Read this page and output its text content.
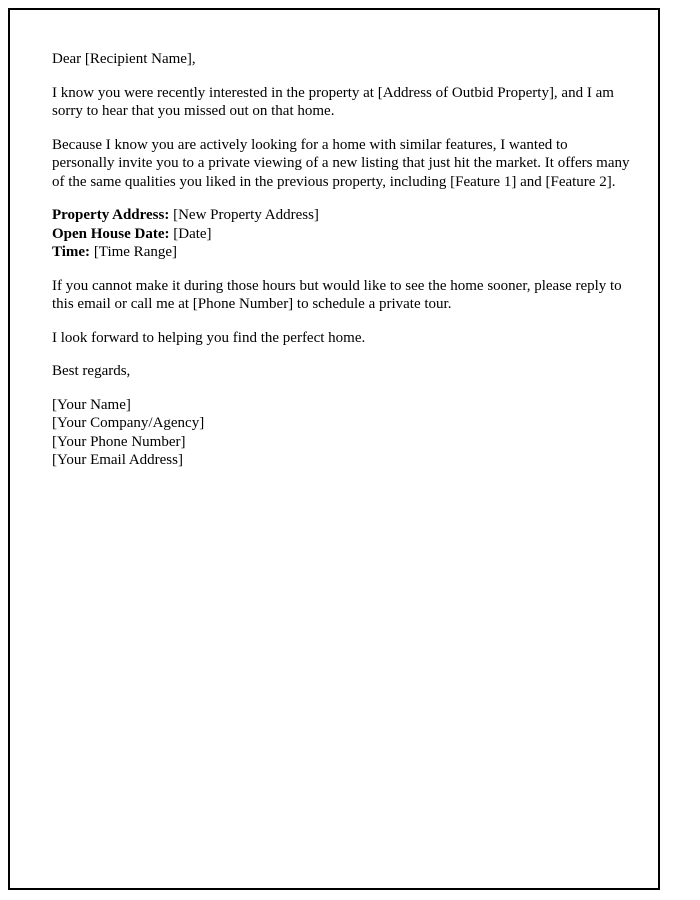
Dear [Recipient Name],

I know you were recently interested in the property at [Address of Outbid Property], and I am sorry to hear that you missed out on that home.

Because I know you are actively looking for a home with similar features, I wanted to personally invite you to a private viewing of a new listing that just hit the market. It offers many of the same qualities you liked in the previous property, including [Feature 1] and [Feature 2].

Property Address: [New Property Address]

Open House Date: [Date]

Time: [Time Range]

If you cannot make it during those hours but would like to see the home sooner, please reply to this email or call me at [Phone Number] to schedule a private tour.

I look forward to helping you find the perfect home.

Best regards,

[Your Name]

[Your Company/Agency]

[Your Phone Number]

[Your Email Address]
